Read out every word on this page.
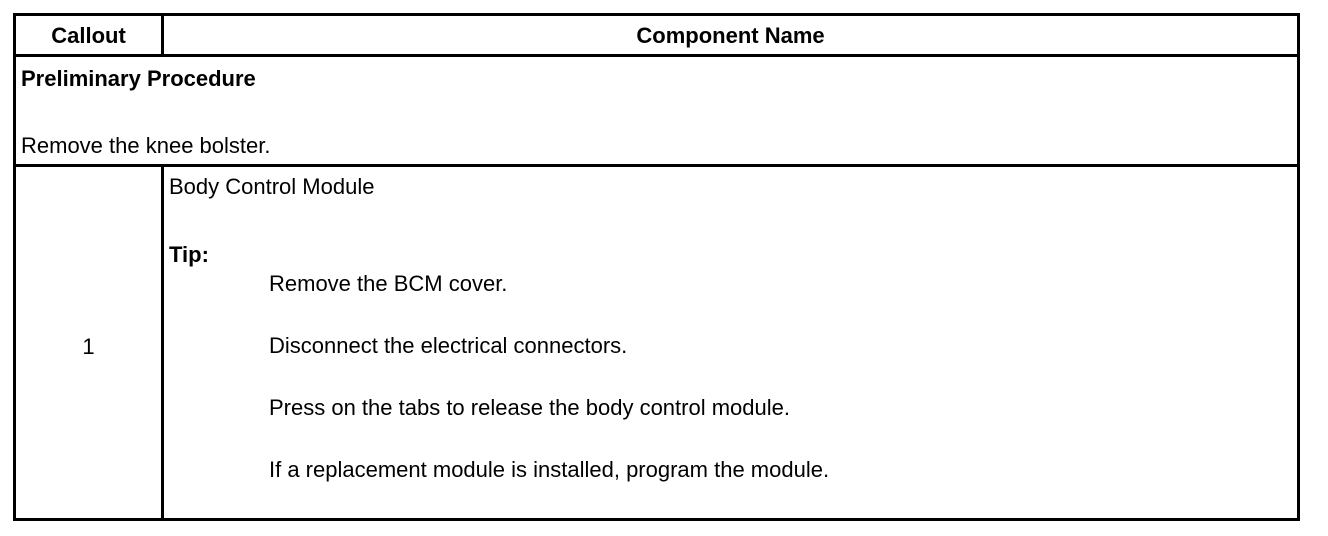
Callout	Component Name
Preliminary Procedure
Remove the knee bolster.
1
Body Control Module
Tip:
Remove the BCM cover.
Disconnect the electrical connectors.
Press on the tabs to release the body control module.
If a replacement module is installed, program the module.
